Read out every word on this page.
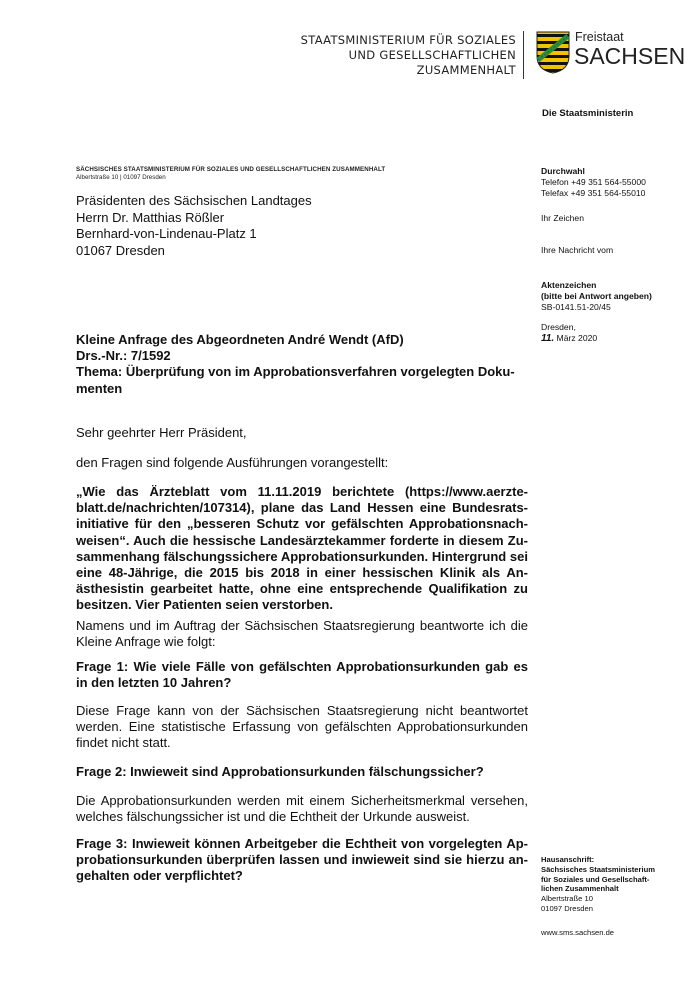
STAATSMINISTERIUM FÜR SOZIALES
UND GESELLSCHAFTLICHEN
ZUSAMMENHALT
Freistaat
SACHSEN
Die Staatsministerin
SÄCHSISCHES STAATSMINISTERIUM FÜR SOZIALES UND GESELLSCHAFTLICHEN ZUSAMMENHALT
Albertstraße 10 | 01097 Dresden
Präsidenten des Sächsischen Landtages
Herrn Dr. Matthias Rößler
Bernhard-von-Lindenau-Platz 1
01067 Dresden
Durchwahl
Telefon +49 351 564-55000
Telefax +49 351 564-55010
Ihr Zeichen
Ihre Nachricht vom
Aktenzeichen
(bitte bei Antwort angeben)
SB-0141.51-20/45
Dresden,
11. März 2020
Kleine Anfrage des Abgeordneten André Wendt (AfD)
Drs.-Nr.: 7/1592
Thema: Überprüfung von im Approbationsverfahren vorgelegten Doku-
menten
Sehr geehrter Herr Präsident,
den Fragen sind folgende Ausführungen vorangestellt:

„Wie das Ärzteblatt vom 11.11.2019 berichtete (https://www.aerzte-blatt.de/nachrichten/107314), plane das Land Hessen eine Bundesrats-initiative für den „besseren Schutz vor gefälschten Approbationsnach-weisen“. Auch die hessische Landesärztekammer forderte in diesem Zu-sammenhang fälschungssichere Approbationsurkunden. Hintergrund sei eine 48-Jährige, die 2015 bis 2018 in einer hessischen Klinik als An-ästhesistin gearbeitet hatte, ohne eine entsprechende Qualifikation zu besitzen. Vier Patienten seien verstorben.

Namens und im Auftrag der Sächsischen Staatsregierung beantworte ich die Kleine Anfrage wie folgt:

Frage 1: Wie viele Fälle von gefälschten Approbationsurkunden gab es in den letzten 10 Jahren?

Diese Frage kann von der Sächsischen Staatsregierung nicht beantwortet werden. Eine statistische Erfassung von gefälschten Approbationsurkunden findet nicht statt.

Frage 2: Inwieweit sind Approbationsurkunden fälschungssicher?

Die Approbationsurkunden werden mit einem Sicherheitsmerkmal versehen, welches fälschungssicher ist und die Echtheit der Urkunde ausweist.

Frage 3: Inwieweit können Arbeitgeber die Echtheit von vorgelegten Ap-probationsurkunden überprüfen lassen und inwieweit sind sie hierzu an-gehalten oder verpflichtet?

Hausanschrift:
Sächsisches Staatsministerium
für Soziales und Gesellschaft-
lichen Zusammenhalt
Albertstraße 10
01097 Dresden
www.sms.sachsen.de
